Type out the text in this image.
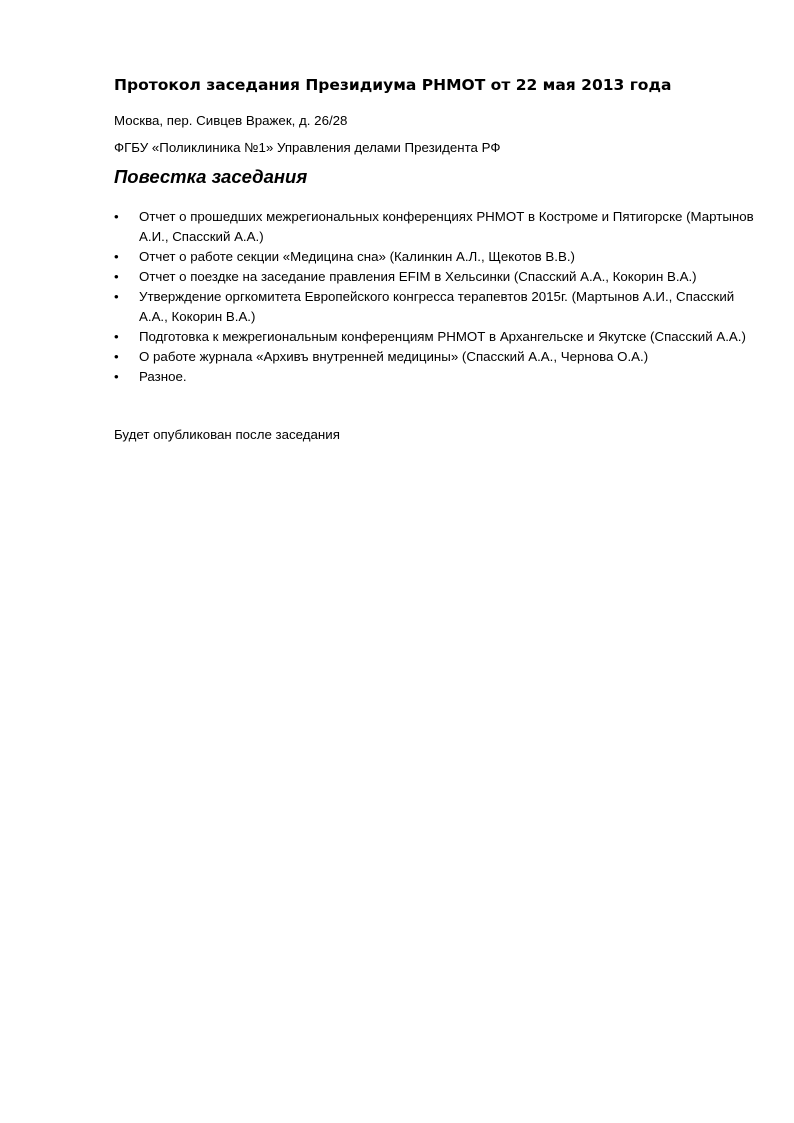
Протокол заседания Президиума РНМОТ от 22 мая 2013 года

Москва, пер. Сивцев Вражек, д. 26/28

ФГБУ «Поликлиника №1» Управления делами Президента РФ

Повестка заседания
•	Отчет о прошедших межрегиональных конференциях РНМОТ в Костроме и Пятигорске (Мартынов А.И., Спасский А.А.)
•	Отчет о работе секции «Медицина сна» (Калинкин А.Л., Щекотов В.В.)
•	Отчет о поездке на заседание правления EFIM в Хельсинки (Спасский А.А., Кокорин В.А.)
•	Утверждение оргкомитета Европейского конгресса терапевтов 2015г. (Мартынов А.И., Спасский А.А., Кокорин В.А.)
•	Подготовка к межрегиональным конференциям РНМОТ в Архангельске и Якутске (Спасский А.А.)
•	О работе журнала «Архивъ внутренней медицины» (Спасский А.А., Чернова О.А.)
•	Разное.

Будет опубликован после заседания
